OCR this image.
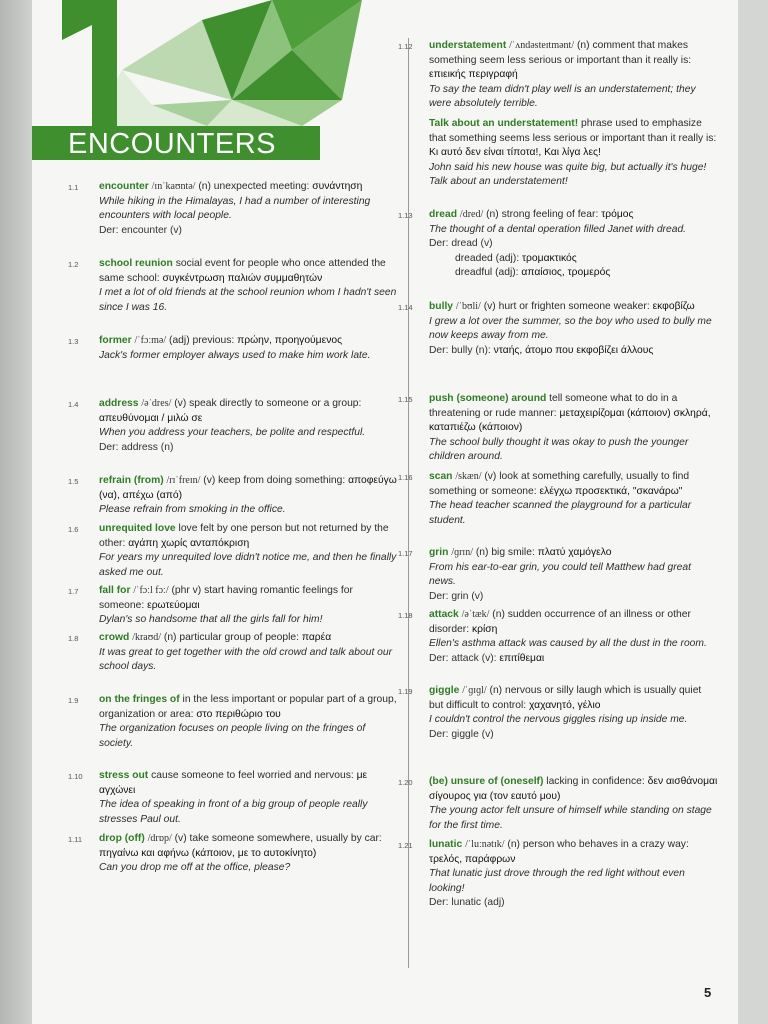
ENCOUNTERS
1.1 encounter /ɪnˈkaʊntə/ (n) unexpected meeting: συνάντηση
While hiking in the Himalayas, I had a number of interesting encounters with local people.
Der: encounter (v)
1.2 school reunion social event for people who once attended the same school: συγκέντρωση παλιών συμμαθητών
I met a lot of old friends at the school reunion whom I hadn't seen since I was 16.
1.3 former /ˈfɔːmə/ (adj) previous: πρώην, προηγούμενος
Jack's former employer always used to make him work late.
1.4 address /əˈdres/ (v) speak directly to someone or a group: απευθύνομαι / μιλώ σε
When you address your teachers, be polite and respectful.
Der: address (n)
1.5 refrain (from) /rɪˈfreɪn/ (v) keep from doing something: αποφεύγω (να), απέχω (από)
Please refrain from smoking in the office.
1.6 unrequited love love felt by one person but not returned by the other: αγάπη χωρίς ανταπόκριση
For years my unrequited love didn't notice me, and then he finally asked me out.
1.7 fall for /ˈfɔːl fɔː/ (phr v) start having romantic feelings for someone: ερωτεύομαι
Dylan's so handsome that all the girls fall for him!
1.8 crowd /kraʊd/ (n) particular group of people: παρέα
It was great to get together with the old crowd and talk about our school days.
1.9 on the fringes of in the less important or popular part of a group, organization or area: στο περιθώριο του
The organization focuses on people living on the fringes of society.
1.10 stress out cause someone to feel worried and nervous: με αγχώνει
The idea of speaking in front of a big group of people really stresses Paul out.
1.11 drop (off) /drɒp/ (v) take someone somewhere, usually by car: πηγαίνω και αφήνω (κάποιον, με το αυτοκίνητο)
Can you drop me off at the office, please?
1.12 understatement /ˈʌndəsteɪtmənt/ (n) comment that makes something seem less serious or important than it really is: επιεικής περιγραφή
To say the team didn't play well is an understatement; they were absolutely terrible.
Talk about an understatement! phrase used to emphasize that something seems less serious or important than it really is: Κι αυτό δεν είναι τίποτα!, Και λίγα λες!
John said his new house was quite big, but actually it's huge! Talk about an understatement!
1.13 dread /dred/ (n) strong feeling of fear: τρόμος
The thought of a dental operation filled Janet with dread.
Der: dread (v)

dreaded (adj): τρομακτικός
dreadful (adj): απαίσιος, τρομερός
1.14 bully /ˈbʊli/ (v) hurt or frighten someone weaker: εκφοβίζω
I grew a lot over the summer, so the boy who used to bully me now keeps away from me.
Der: bully (n): νταής, άτομο που εκφοβίζει άλλους
1.15 push (someone) around tell someone what to do in a threatening or rude manner: μεταχειρίζομαι (κάποιον) σκληρά, καταπιέζω (κάποιον)
The school bully thought it was okay to push the younger children around.
1.16 scan /skæn/ (v) look at something carefully, usually to find something or someone: ελέγχω προσεκτικά, "σκανάρω"
The head teacher scanned the playground for a particular student.
1.17 grin /ɡrɪn/ (n) big smile: πλατύ χαμόγελο
From his ear-to-ear grin, you could tell Matthew had great news.
Der: grin (v)
1.18 attack /əˈtæk/ (n) sudden occurrence of an illness or other disorder: κρίση
Ellen's asthma attack was caused by all the dust in the room.
Der: attack (v): επιτίθεμαι
1.19 giggle /ˈɡɪɡl/ (n) nervous or silly laugh which is usually quiet but difficult to control: χαχανητό, γέλιο
I couldn't control the nervous giggles rising up inside me.
Der: giggle (v)
1.20 (be) unsure of (oneself) lacking in confidence: δεν αισθάνομαι σίγουρος για (τον εαυτό μου)
The young actor felt unsure of himself while standing on stage for the first time.
1.21 lunatic /ˈluːnətɪk/ (n) person who behaves in a crazy way: τρελός, παράφρων
That lunatic just drove through the red light without even looking!
Der: lunatic (adj)
5
